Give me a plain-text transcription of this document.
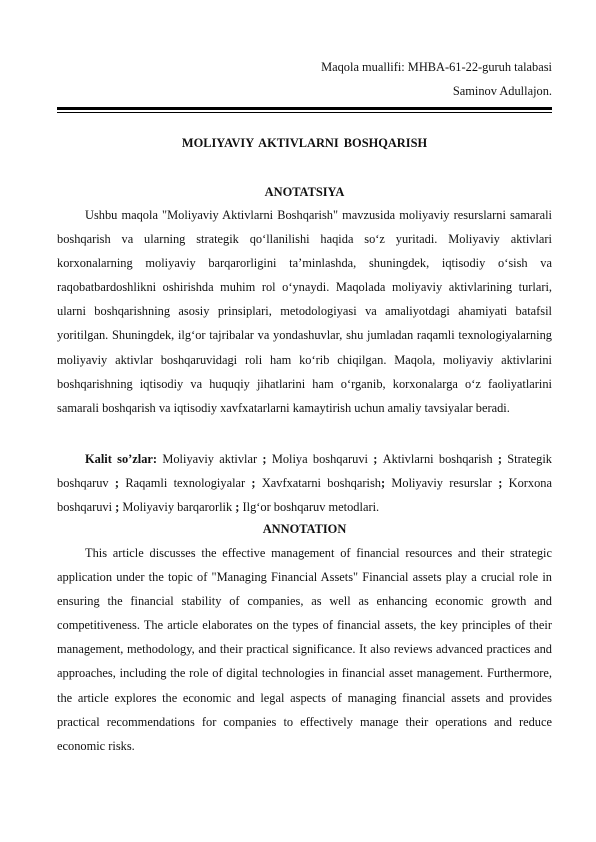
Maqola muallifi: MHBA-61-22-guruh talabasi
Saminov Adullajon.
MOLIYAVIY AKTIVLARNI BOSHQARISH
ANOTATSIYA

Ushbu maqola "Moliyaviy Aktivlarni Boshqarish" mavzusida moliyaviy resurslarni samarali boshqarish va ularning strategik qoʻllanilishi haqida soʻz yuritadi. Moliyaviy aktivlari korxonalarning moliyaviy barqarorligini ta’minlashda, shuningdek, iqtisodiy oʻsish va raqobatbardoshlikni oshirishda muhim rol oʻynaydi. Maqolada moliyaviy aktivlarining turlari, ularni boshqarishning asosiy prinsiplari, metodologiyasi va amaliyotdagi ahamiyati batafsil yoritilgan. Shuningdek, ilgʻor tajribalar va yondashuvlar, shu jumladan raqamli texnologiyalarning moliyaviy aktivlar boshqaruvidagi roli ham koʻrib chiqilgan. Maqola, moliyaviy aktivlarini boshqarishning iqtisodiy va huquqiy jihatlarini ham oʻrganib, korxonalarga oʻz faoliyatlarini samarali boshqarish va iqtisodiy xavfxatarlarni kamaytirish uchun amaliy tavsiyalar beradi.

Kalit so’zlar: Moliyaviy aktivlar ; Moliya boshqaruvi ; Aktivlarni boshqarish ; Strategik boshqaruv ; Raqamli texnologiyalar ; Xavfxatarni boshqarish; Moliyaviy resurslar ; Korxona boshqaruvi ; Moliyaviy barqarorlik ; Ilgʻor boshqaruv metodlari.

ANNOTATION

This article discusses the effective management of financial resources and their strategic application under the topic of "Managing Financial Assets" Financial assets play a crucial role in ensuring the financial stability of companies, as well as enhancing economic growth and competitiveness. The article elaborates on the types of financial assets, the key principles of their management, methodology, and their practical significance. It also reviews advanced practices and approaches, including the role of digital technologies in financial asset management. Furthermore, the article explores the economic and legal aspects of managing financial assets and provides practical recommendations for companies to effectively manage their operations and reduce economic risks.
